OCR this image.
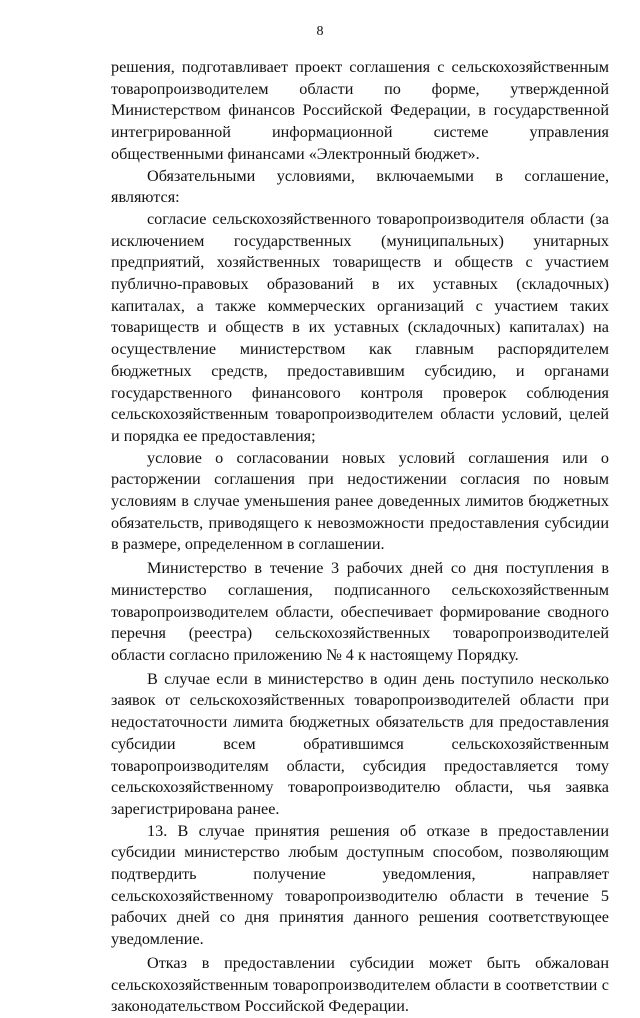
8

решения, подготавливает проект соглашения с сельскохозяйственным товаропроизводителем области по форме, утвержденной Министерством финансов Российской Федерации, в государственной интегрированной информационной системе управления общественными финансами «Электронный бюджет».

Обязательными условиями, включаемыми в соглашение, являются:

согласие сельскохозяйственного товаропроизводителя области (за исключением государственных (муниципальных) унитарных предприятий, хозяйственных товариществ и обществ с участием публично-правовых образований в их уставных (складочных) капиталах, а также коммерческих организаций с участием таких товариществ и обществ в их уставных (складочных) капиталах) на осуществление министерством как главным распорядителем бюджетных средств, предоставившим субсидию, и органами государственного финансового контроля проверок соблюдения сельскохозяйственным товаропроизводителем области условий, целей и порядка ее предоставления;

условие о согласовании новых условий соглашения или о расторжении соглашения при недостижении согласия по новым условиям в случае уменьшения ранее доведенных лимитов бюджетных обязательств, приводящего к невозможности предоставления субсидии в размере, определенном в соглашении.

Министерство в течение 3 рабочих дней со дня поступления в министерство соглашения, подписанного сельскохозяйственным товаропроизводителем области, обеспечивает формирование сводного перечня (реестра) сельскохозяйственных товаропроизводителей области согласно приложению № 4 к настоящему Порядку.

В случае если в министерство в один день поступило несколько заявок от сельскохозяйственных товаропроизводителей области при недостаточности лимита бюджетных обязательств для предоставления субсидии всем обратившимся сельскохозяйственным товаропроизводителям области, субсидия предоставляется тому сельскохозяйственному товаропроизводителю области, чья заявка зарегистрирована ранее.

13. В случае принятия решения об отказе в предоставлении субсидии министерство любым доступным способом, позволяющим подтвердить получение уведомления, направляет сельскохозяйственному товаропроизводителю области в течение 5 рабочих дней со дня принятия данного решения соответствующее уведомление.

Отказ в предоставлении субсидии может быть обжалован сельскохозяйственным товаропроизводителем области в соответствии с законодательством Российской Федерации.
